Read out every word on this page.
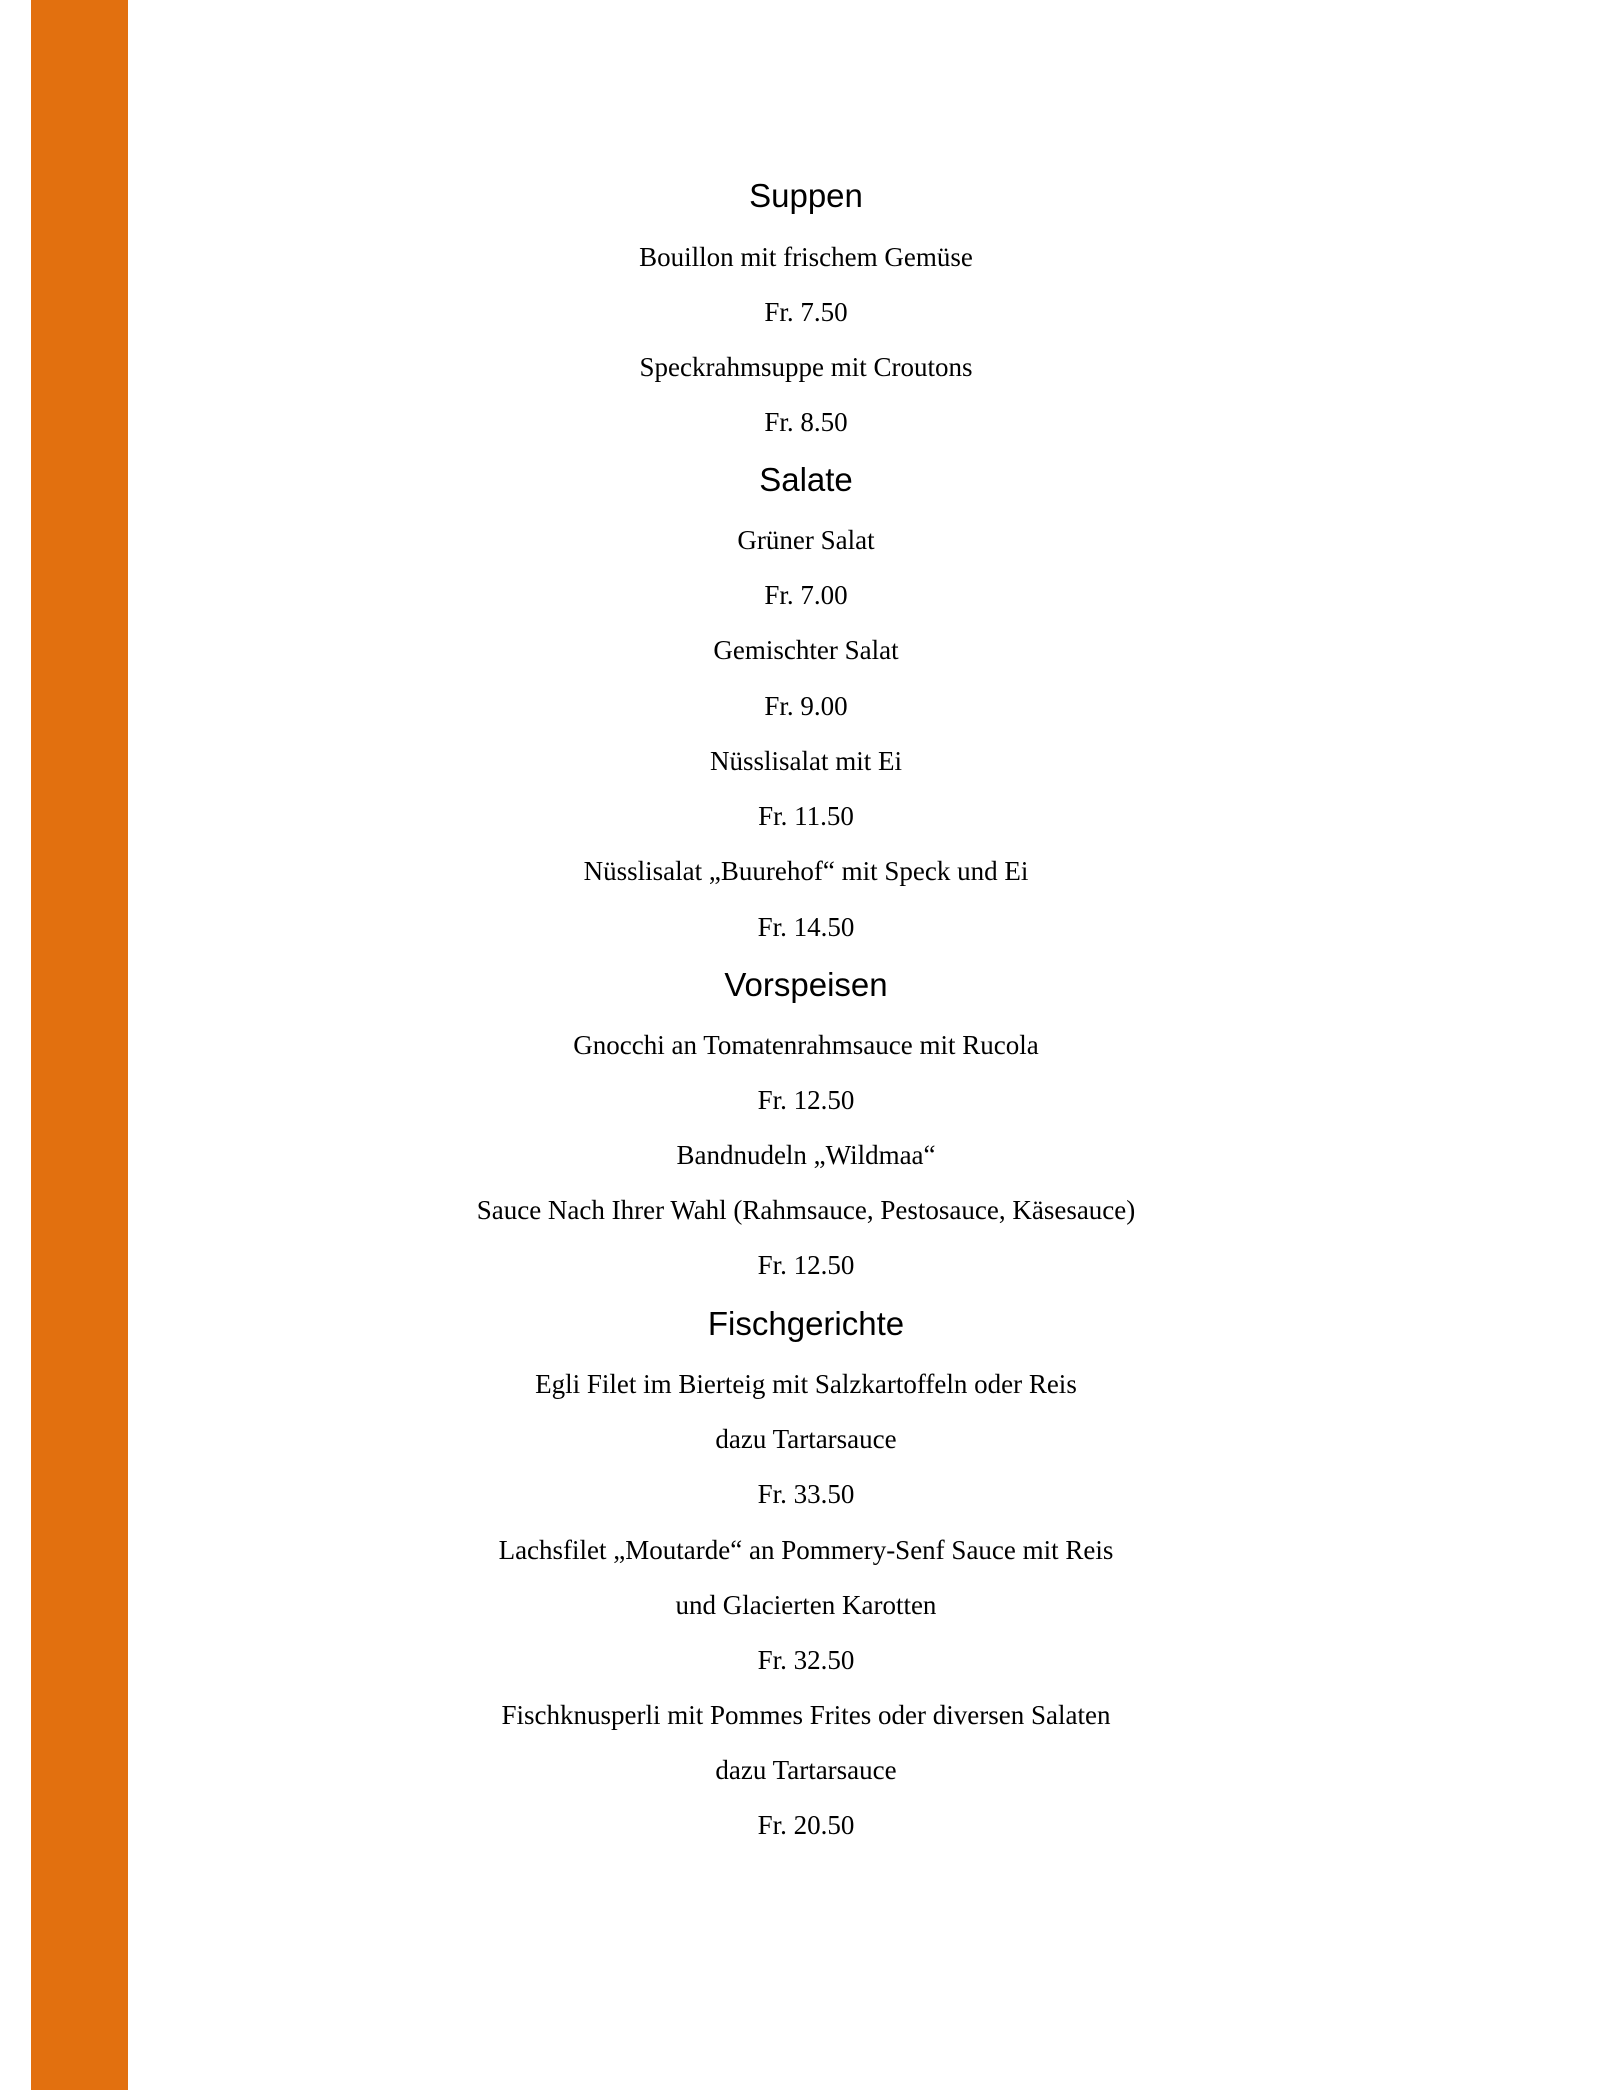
Suppen
Bouillon mit frischem Gemüse
Fr. 7.50
Speckrahmsuppe mit Croutons
Fr. 8.50
Salate
Grüner Salat
Fr. 7.00
Gemischter Salat
Fr. 9.00
Nüsslisalat mit Ei
Fr. 11.50
Nüsslisalat „Buurehof“ mit Speck und Ei
Fr. 14.50
Vorspeisen
Gnocchi an Tomatenrahmsauce mit Rucola
Fr. 12.50
Bandnudeln „Wildmaa“
Sauce Nach Ihrer Wahl (Rahmsauce, Pestosauce, Käsesauce)
Fr. 12.50
Fischgerichte
Egli Filet im Bierteig mit Salzkartoffeln oder Reis
dazu Tartarsauce
Fr. 33.50
Lachsfilet „Moutarde“ an Pommery-Senf Sauce mit Reis
und Glacierten Karotten
Fr. 32.50
Fischknusperli mit Pommes Frites oder diversen Salaten
dazu Tartarsauce
Fr. 20.50
